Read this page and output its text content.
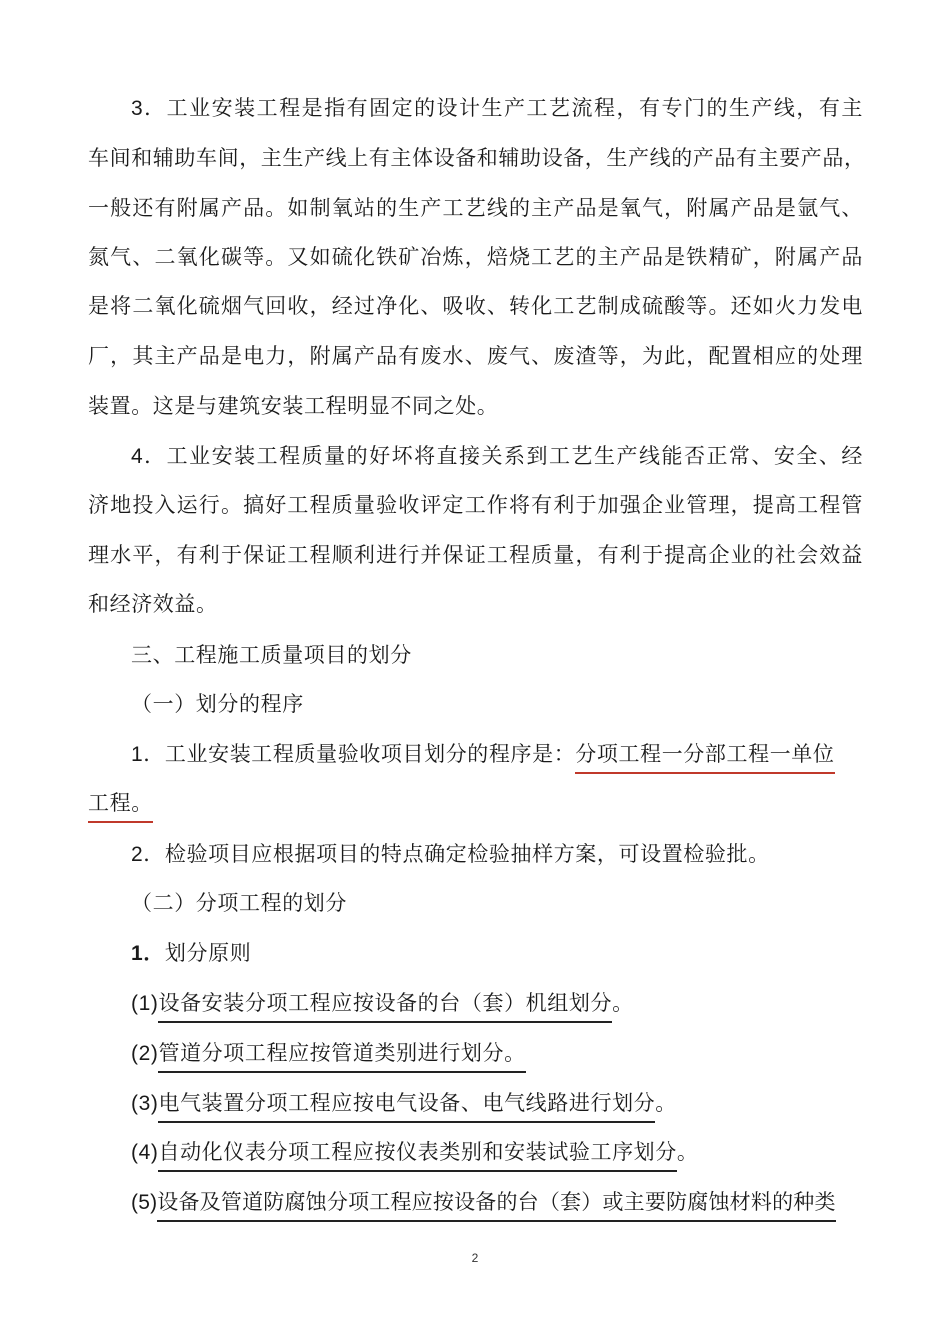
3．工业安装工程是指有固定的设计生产工艺流程，有专门的生产线，有主
车间和辅助车间，主生产线上有主体设备和辅助设备，生产线的产品有主要产品，
一般还有附属产品。如制氧站的生产工艺线的主产品是氧气，附属产品是氩气、
氮气、二氧化碳等。又如硫化铁矿冶炼，焙烧工艺的主产品是铁精矿，附属产品
是将二氧化硫烟气回收，经过净化、吸收、转化工艺制成硫酸等。还如火力发电
厂，其主产品是电力，附属产品有废水、废气、废渣等，为此，配置相应的处理
装置。这是与建筑安装工程明显不同之处。
4．工业安装工程质量的好坏将直接关系到工艺生产线能否正常、安全、经
济地投入运行。搞好工程质量验收评定工作将有利于加强企业管理，提高工程管
理水平，有利于保证工程顺利进行并保证工程质量，有利于提高企业的社会效益
和经济效益。
三、工程施工质量项目的划分
（一）划分的程序
1．工业安装工程质量验收项目划分的程序是：分项工程一分部工程一单位
工程。
2．检验项目应根据项目的特点确定检验抽样方案，可设置检验批。
（二）分项工程的划分
1．划分原则
(1)设备安装分项工程应按设备的台（套）机组划分。
(2)管道分项工程应按管道类别进行划分。
(3)电气装置分项工程应按电气设备、电气线路进行划分。
(4)自动化仪表分项工程应按仪表类别和安装试验工序划分。
(5)设备及管道防腐蚀分项工程应按设备的台（套）或主要防腐蚀材料的种类
2
